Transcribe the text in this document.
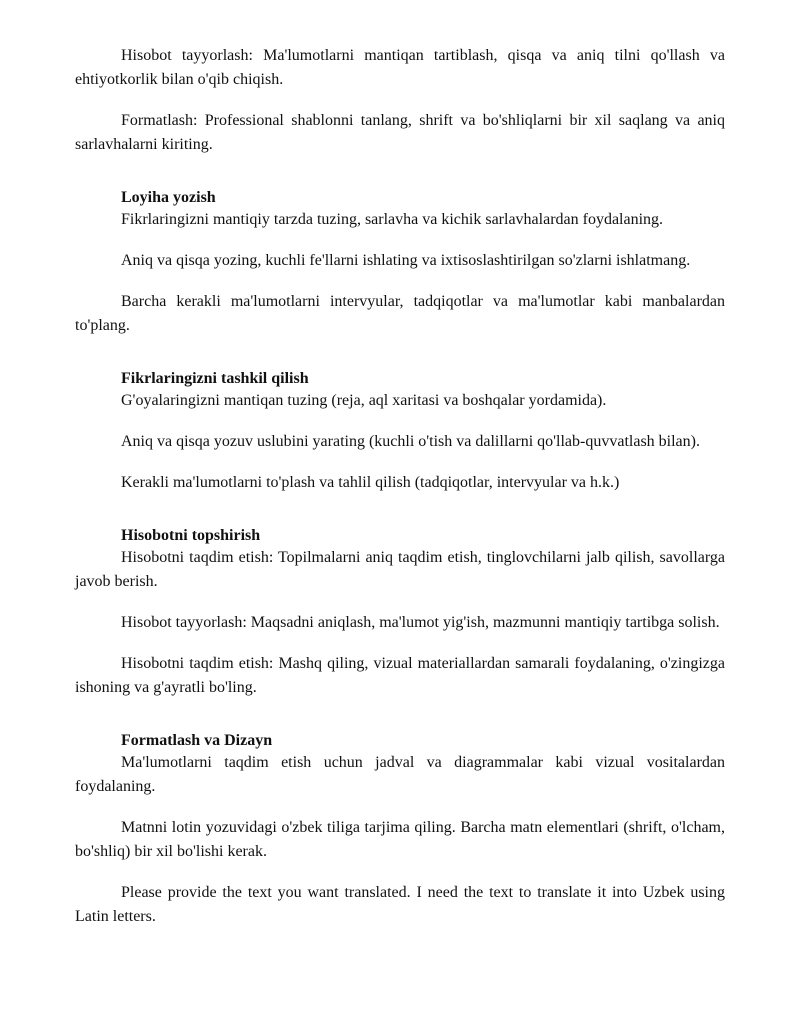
Hisobot tayyorlash: Ma'lumotlarni mantiqan tartiblash, qisqa va aniq tilni qo'llash va ehtiyotkorlik bilan o'qib chiqish.

Formatlash: Professional shablonni tanlang, shrift va bo'shliqlarni bir xil saqlang va aniq sarlavhalarni kiriting.

Loyiha yozish

Fikrlaringizni mantiqiy tarzda tuzing, sarlavha va kichik sarlavhalardan foydalaning.

Aniq va qisqa yozing, kuchli fe'llarni ishlating va ixtisoslashtirilgan so'zlarni ishlatmang.

Barcha kerakli ma'lumotlarni intervyular, tadqiqotlar va ma'lumotlar kabi manbalardan to'plang.

Fikrlaringizni tashkil qilish

G'oyalaringizni mantiqan tuzing (reja, aql xaritasi va boshqalar yordamida).

Aniq va qisqa yozuv uslubini yarating (kuchli o'tish va dalillarni qo'llab-quvvatlash bilan).

Kerakli ma'lumotlarni to'plash va tahlil qilish (tadqiqotlar, intervyular va h.k.)

Hisobotni topshirish

Hisobotni taqdim etish: Topilmalarni aniq taqdim etish, tinglovchilarni jalb qilish, savollarga javob berish.

Hisobot tayyorlash: Maqsadni aniqlash, ma'lumot yig'ish, mazmunni mantiqiy tartibga solish.

Hisobotni taqdim etish: Mashq qiling, vizual materiallardan samarali foydalaning, o'zingizga ishoning va g'ayratli bo'ling.

Formatlash va Dizayn

Ma'lumotlarni taqdim etish uchun jadval va diagrammalar kabi vizual vositalardan foydalaning.

Matnni lotin yozuvidagi o'zbek tiliga tarjima qiling. Barcha matn elementlari (shrift, o'lcham, bo'shliq) bir xil bo'lishi kerak.

Please provide the text you want translated. I need the text to translate it into Uzbek using Latin letters.
